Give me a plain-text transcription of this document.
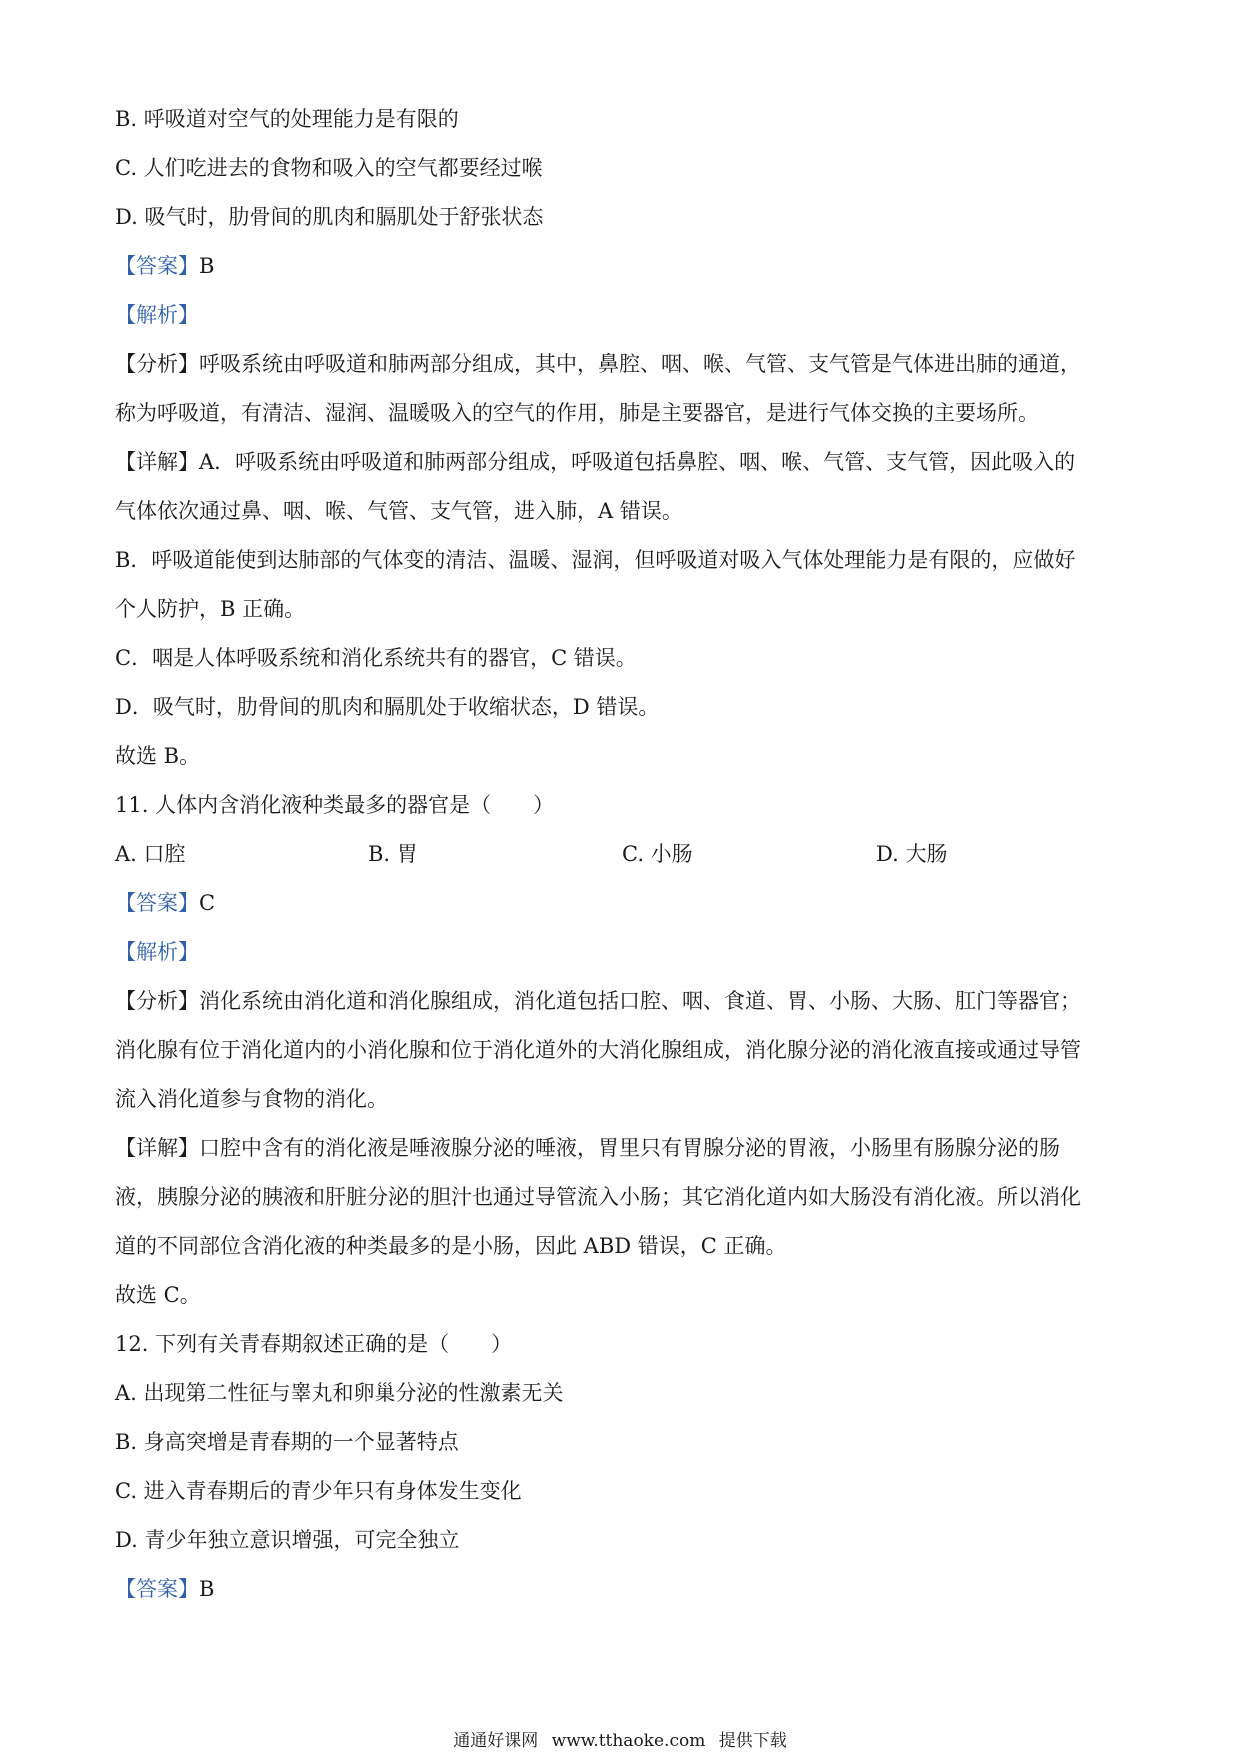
B. 呼吸道对空气的处理能力是有限的
C. 人们吃进去的食物和吸入的空气都要经过喉
D. 吸气时，肋骨间的肌肉和膈肌处于舒张状态
【答案】B
【解析】
【分析】呼吸系统由呼吸道和肺两部分组成，其中，鼻腔、咽、喉、气管、支气管是气体进出肺的通道，
称为呼吸道，有清洁、湿润、温暖吸入的空气的作用，肺是主要器官，是进行气体交换的主要场所。
【详解】A．呼吸系统由呼吸道和肺两部分组成，呼吸道包括鼻腔、咽、喉、气管、支气管，因此吸入的
气体依次通过鼻、咽、喉、气管、支气管，进入肺，A 错误。
B．呼吸道能使到达肺部的气体变的清洁、温暖、湿润，但呼吸道对吸入气体处理能力是有限的，应做好
个人防护，B 正确。
C．咽是人体呼吸系统和消化系统共有的器官，C 错误。
D．吸气时，肋骨间的肌肉和膈肌处于收缩状态，D 错误。
故选 B。
11. 人体内含消化液种类最多的器官是（　　）
A. 口腔	B. 胃	C. 小肠	D. 大肠
【答案】C
【解析】
【分析】消化系统由消化道和消化腺组成，消化道包括口腔、咽、食道、胃、小肠、大肠、肛门等器官；
消化腺有位于消化道内的小消化腺和位于消化道外的大消化腺组成，消化腺分泌的消化液直接或通过导管
流入消化道参与食物的消化。
【详解】口腔中含有的消化液是唾液腺分泌的唾液，胃里只有胃腺分泌的胃液，小肠里有肠腺分泌的肠
液，胰腺分泌的胰液和肝脏分泌的胆汁也通过导管流入小肠；其它消化道内如大肠没有消化液。所以消化
道的不同部位含消化液的种类最多的是小肠，因此 ABD 错误，C 正确。
故选 C。
12. 下列有关青春期叙述正确的是（　　）
A. 出现第二性征与睾丸和卵巢分泌的性激素无关
B. 身高突增是青春期的一个显著特点
C. 进入青春期后的青少年只有身体发生变化
D. 青少年独立意识增强，可完全独立
【答案】B
通通好课网 www.tthaoke.com 提供下载
